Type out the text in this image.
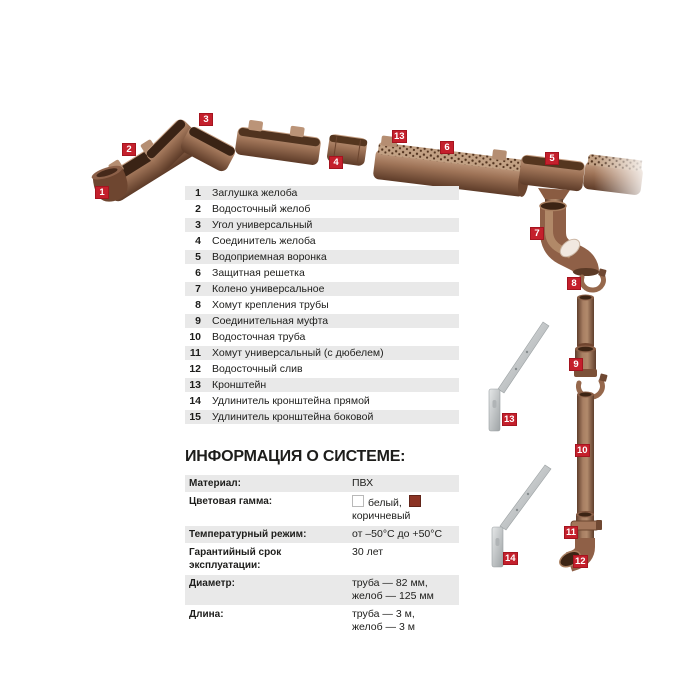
1
2
3
4
13
6
5
7
8
9
13
10
11
12
14
1 Заглушка желоба
2 Водосточный желоб
3 Угол универсальный
4 Соединитель желоба
5 Водоприемная воронка
6 Защитная решетка
7 Колено универсальное
8 Хомут крепления трубы
9 Соединительная муфта
10 Водосточная труба
11 Хомут универсальный (с дюбелем)
12 Водосточный слив
13 Кронштейн
14 Удлинитель кронштейна прямой
15 Удлинитель кронштейна боковой
ИНФОРМАЦИЯ О СИСТЕМЕ:
Материал:	ПВХ
Цветовая гамма:	белый,коричневый
Температурный режим:	от –50°C до +50°C
Гарантийный срок эксплуатации:
30 лет
Диаметр:	труба — 82 мм,
желоб — 125 мм
Длина:	труба — 3 м,
желоб — 3 м
